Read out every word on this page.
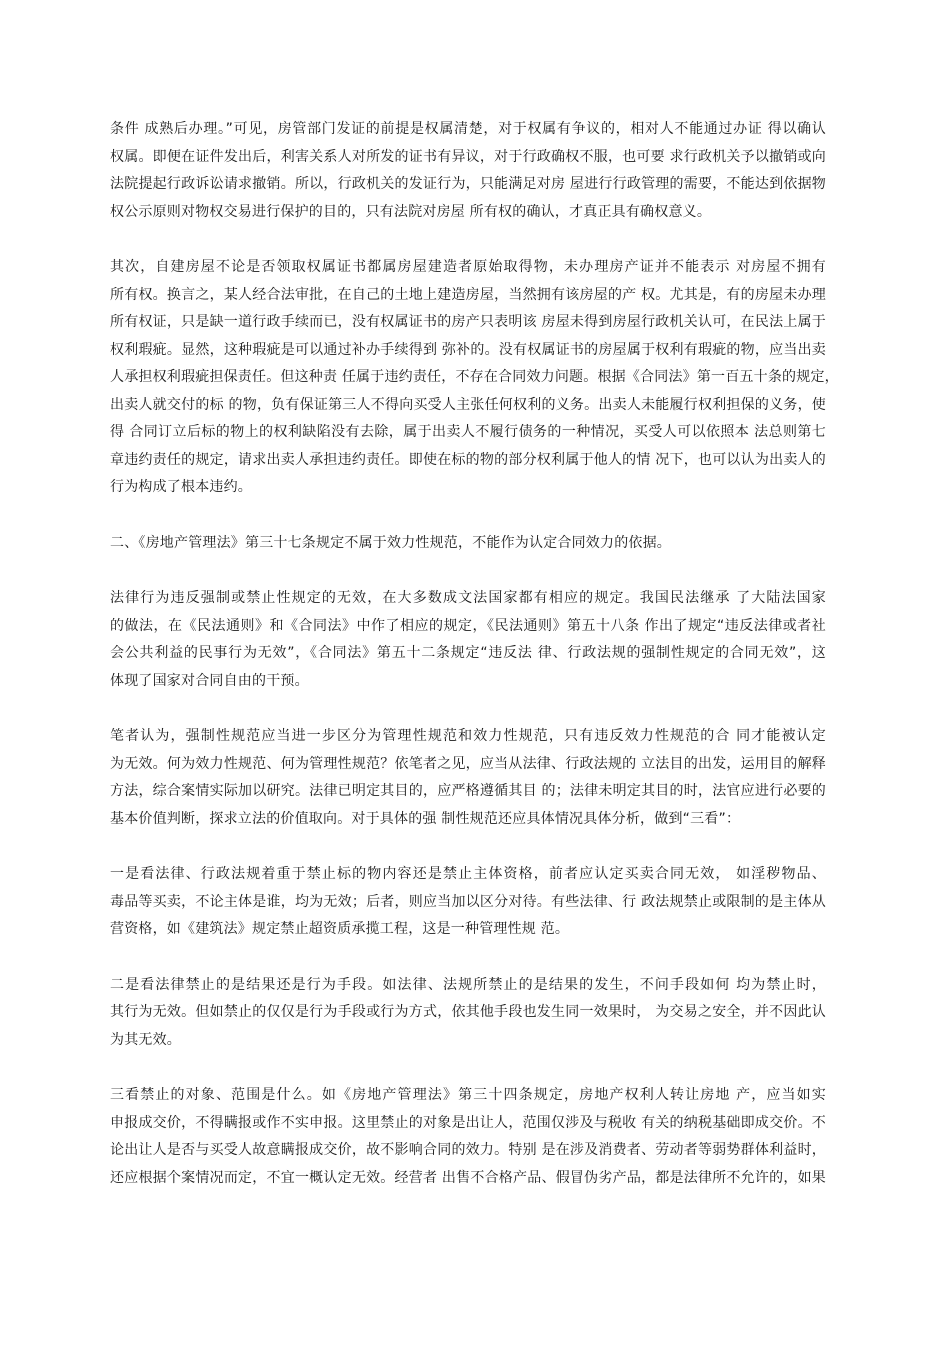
条件 成熟后办理。”可见，房管部门发证的前提是权属清楚，对于权属有争议的，相对人不能通过办证 得以确认
权属。即便在证件发出后，利害关系人对所发的证书有异议，对于行政确权不服，也可要 求行政机关予以撤销或向
法院提起行政诉讼请求撤销。所以，行政机关的发证行为，只能满足对房 屋进行行政管理的需要，不能达到依据物
权公示原则对物权交易进行保护的目的，只有法院对房屋 所有权的确认，才真正具有确权意义。
其次，自建房屋不论是否领取权属证书都属房屋建造者原始取得物，未办理房产证并不能表示 对房屋不拥有
所有权。换言之，某人经合法审批，在自己的土地上建造房屋，当然拥有该房屋的产 权。尤其是，有的房屋未办理
所有权证，只是缺一道行政手续而已，没有权属证书的房产只表明该 房屋未得到房屋行政机关认可，在民法上属于
权利瑕疵。显然，这种瑕疵是可以通过补办手续得到 弥补的。没有权属证书的房屋属于权利有瑕疵的物，应当出卖
人承担权利瑕疵担保责任。但这种责 任属于违约责任，不存在合同效力问题。根据《合同法》第一百五十条的规定，
出卖人就交付的标 的物，负有保证第三人不得向买受人主张任何权利的义务。出卖人未能履行权利担保的义务，使
得 合同订立后标的物上的权利缺陷没有去除，属于出卖人不履行债务的一种情况，买受人可以依照本 法总则第七
章违约责任的规定，请求出卖人承担违约责任。即使在标的物的部分权利属于他人的情 况下，也可以认为出卖人的
行为构成了根本违约。
二、《房地产管理法》第三十七条规定不属于效力性规范，不能作为认定合同效力的依据。
法律行为违反强制或禁止性规定的无效，在大多数成文法国家都有相应的规定。我国民法继承 了大陆法国家
的做法，在《民法通则》和《合同法》中作了相应的规定，《民法通则》第五十八条 作出了规定“违反法律或者社
会公共利益的民事行为无效”，《合同法》第五十二条规定“违反法 律、行政法规的强制性规定的合同无效”，这
体现了国家对合同自由的干预。
笔者认为，强制性规范应当进一步区分为管理性规范和效力性规范，只有违反效力性规范的合 同才能被认定
为无效。何为效力性规范、何为管理性规范？依笔者之见，应当从法律、行政法规的 立法目的出发，运用目的解释
方法，综合案情实际加以研究。法律已明定其目的，应严格遵循其目 的；法律未明定其目的时，法官应进行必要的
基本价值判断，探求立法的价值取向。对于具体的强 制性规范还应具体情况具体分析，做到“三看”：
一是看法律、行政法规着重于禁止标的物内容还是禁止主体资格，前者应认定买卖合同无效， 如淫秽物品、
毒品等买卖，不论主体是谁，均为无效；后者，则应当加以区分对待。有些法律、行 政法规禁止或限制的是主体从
营资格，如《建筑法》规定禁止超资质承揽工程，这是一种管理性规 范。
二是看法律禁止的是结果还是行为手段。如法律、法规所禁止的是结果的发生，不问手段如何 均为禁止时，
其行为无效。但如禁止的仅仅是行为手段或行为方式，依其他手段也发生同一效果时， 为交易之安全，并不因此认
为其无效。
三看禁止的对象、范围是什么。如《房地产管理法》第三十四条规定，房地产权利人转让房地 产，应当如实
申报成交价，不得瞒报或作不实申报。这里禁止的对象是出让人，范围仅涉及与税收 有关的纳税基础即成交价。不
论出让人是否与买受人故意瞒报成交价，故不影响合同的效力。特别 是在涉及消费者、劳动者等弱势群体利益时，
还应根据个案情况而定，不宜一概认定无效。经营者 出售不合格产品、假冒伪劣产品，都是法律所不允许的，如果
